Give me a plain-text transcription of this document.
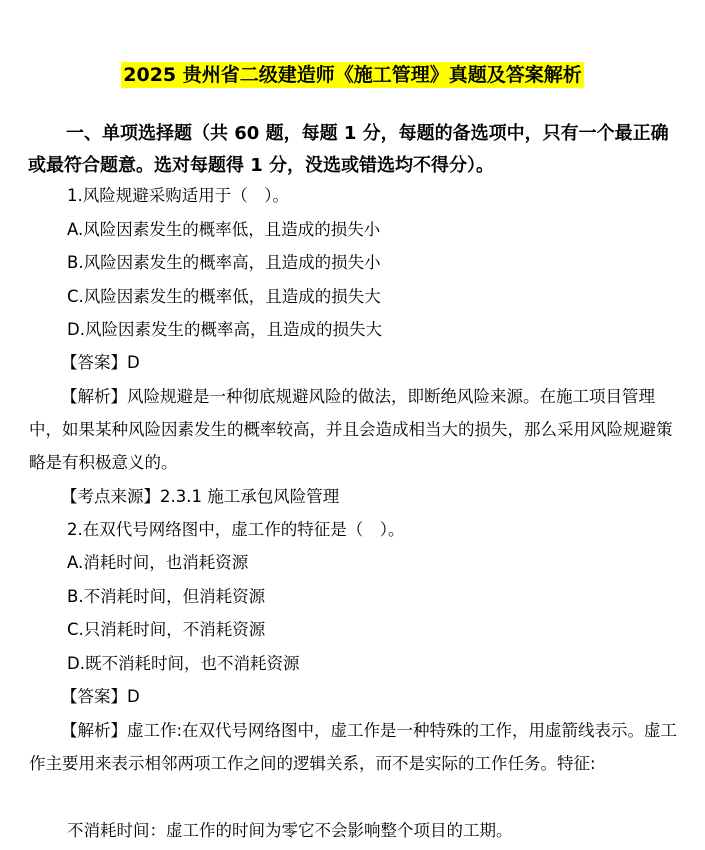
2025 贵州省二级建造师《施工管理》真题及答案解析

一、单项选择题（共 60 题，每题 1 分，每题的备选项中，只有一个最正确或最符合题意。选对每题得 1 分，没选或错选均不得分）。

1.风险规避采购适用于（　）。
A.风险因素发生的概率低，且造成的损失小
B.风险因素发生的概率高，且造成的损失小
C.风险因素发生的概率低，且造成的损失大
D.风险因素发生的概率高，且造成的损失大
【答案】D

【解析】风险规避是一种彻底规避风险的做法，即断绝风险来源。在施工项目管理中，如果某种风险因素发生的概率较高，并且会造成相当大的损失，那么采用风险规避策略是有积极意义的。

【考点来源】2.3.1 施工承包风险管理
2.在双代号网络图中，虚工作的特征是（　）。
A.消耗时间，也消耗资源
B.不消耗时间，但消耗资源
C.只消耗时间，不消耗资源
D.既不消耗时间，也不消耗资源
【答案】D

【解析】虚工作:在双代号网络图中，虚工作是一种特殊的工作，用虚箭线表示。虚工作主要用来表示相邻两项工作之间的逻辑关系，而不是实际的工作任务。特征:

不消耗时间：虚工作的时间为零它不会影响整个项目的工期。
